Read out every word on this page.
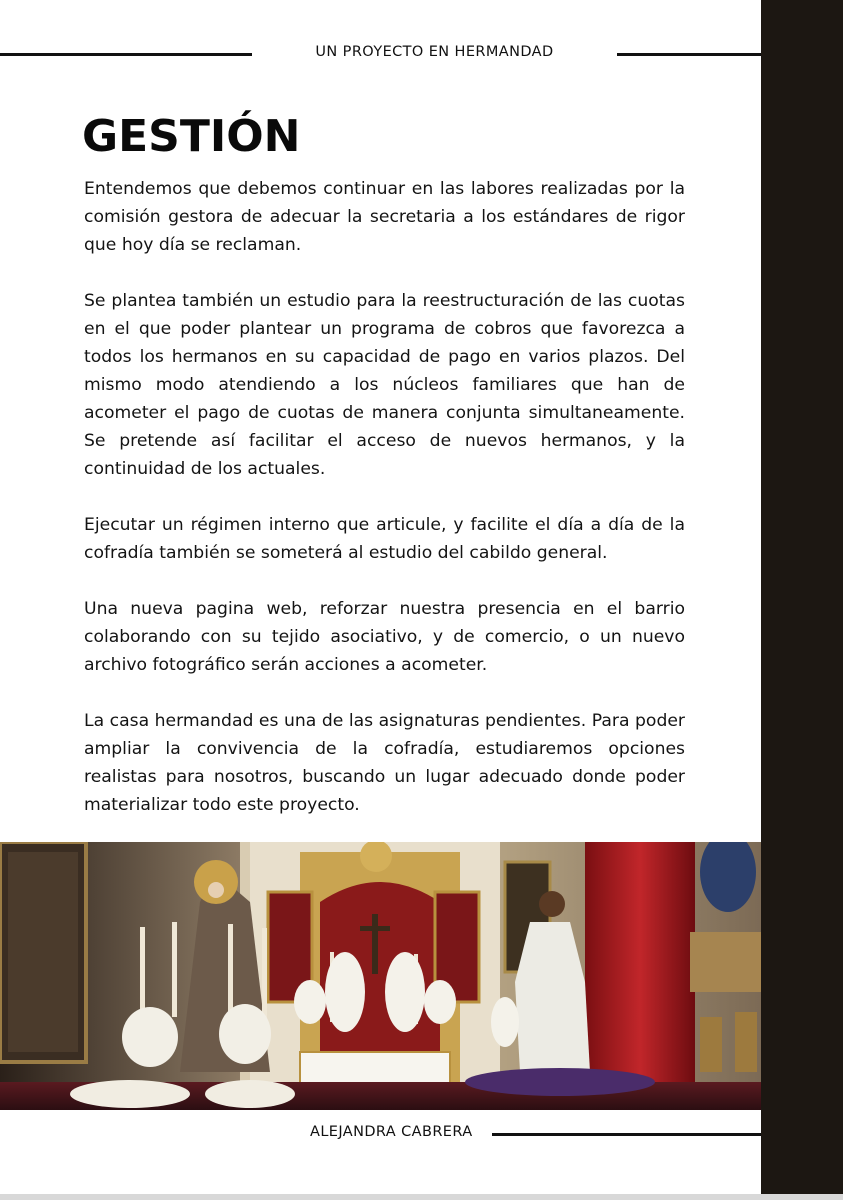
UN PROYECTO EN HERMANDAD
GESTIÓN

Entendemos que debemos continuar en las labores realizadas por la comisión gestora de adecuar la secretaria a los estándares de rigor que hoy día se reclaman.

Se plantea también un estudio para la reestructuración de las cuotas en el que poder plantear un programa de cobros que favorezca a todos los hermanos en su capacidad de pago en varios plazos. Del mismo modo atendiendo a los núcleos familiares que han de acometer el pago de cuotas de manera conjunta simultaneamente. Se pretende así facilitar el acceso de nuevos hermanos, y la continuidad de los actuales.

Ejecutar un régimen interno que articule, y facilite el día a día de la cofradía también se someterá al estudio del cabildo general.

Una nueva pagina web, reforzar nuestra presencia en el barrio colaborando con su tejido asociativo, y de comercio, o un nuevo archivo fotográfico serán acciones a acometer.

La casa hermandad es una de las asignaturas pendientes. Para poder ampliar la convivencia de la cofradía, estudiaremos opciones realistas para nosotros, buscando un lugar adecuado donde poder materializar todo este proyecto.

ALEJANDRA CABRERA
